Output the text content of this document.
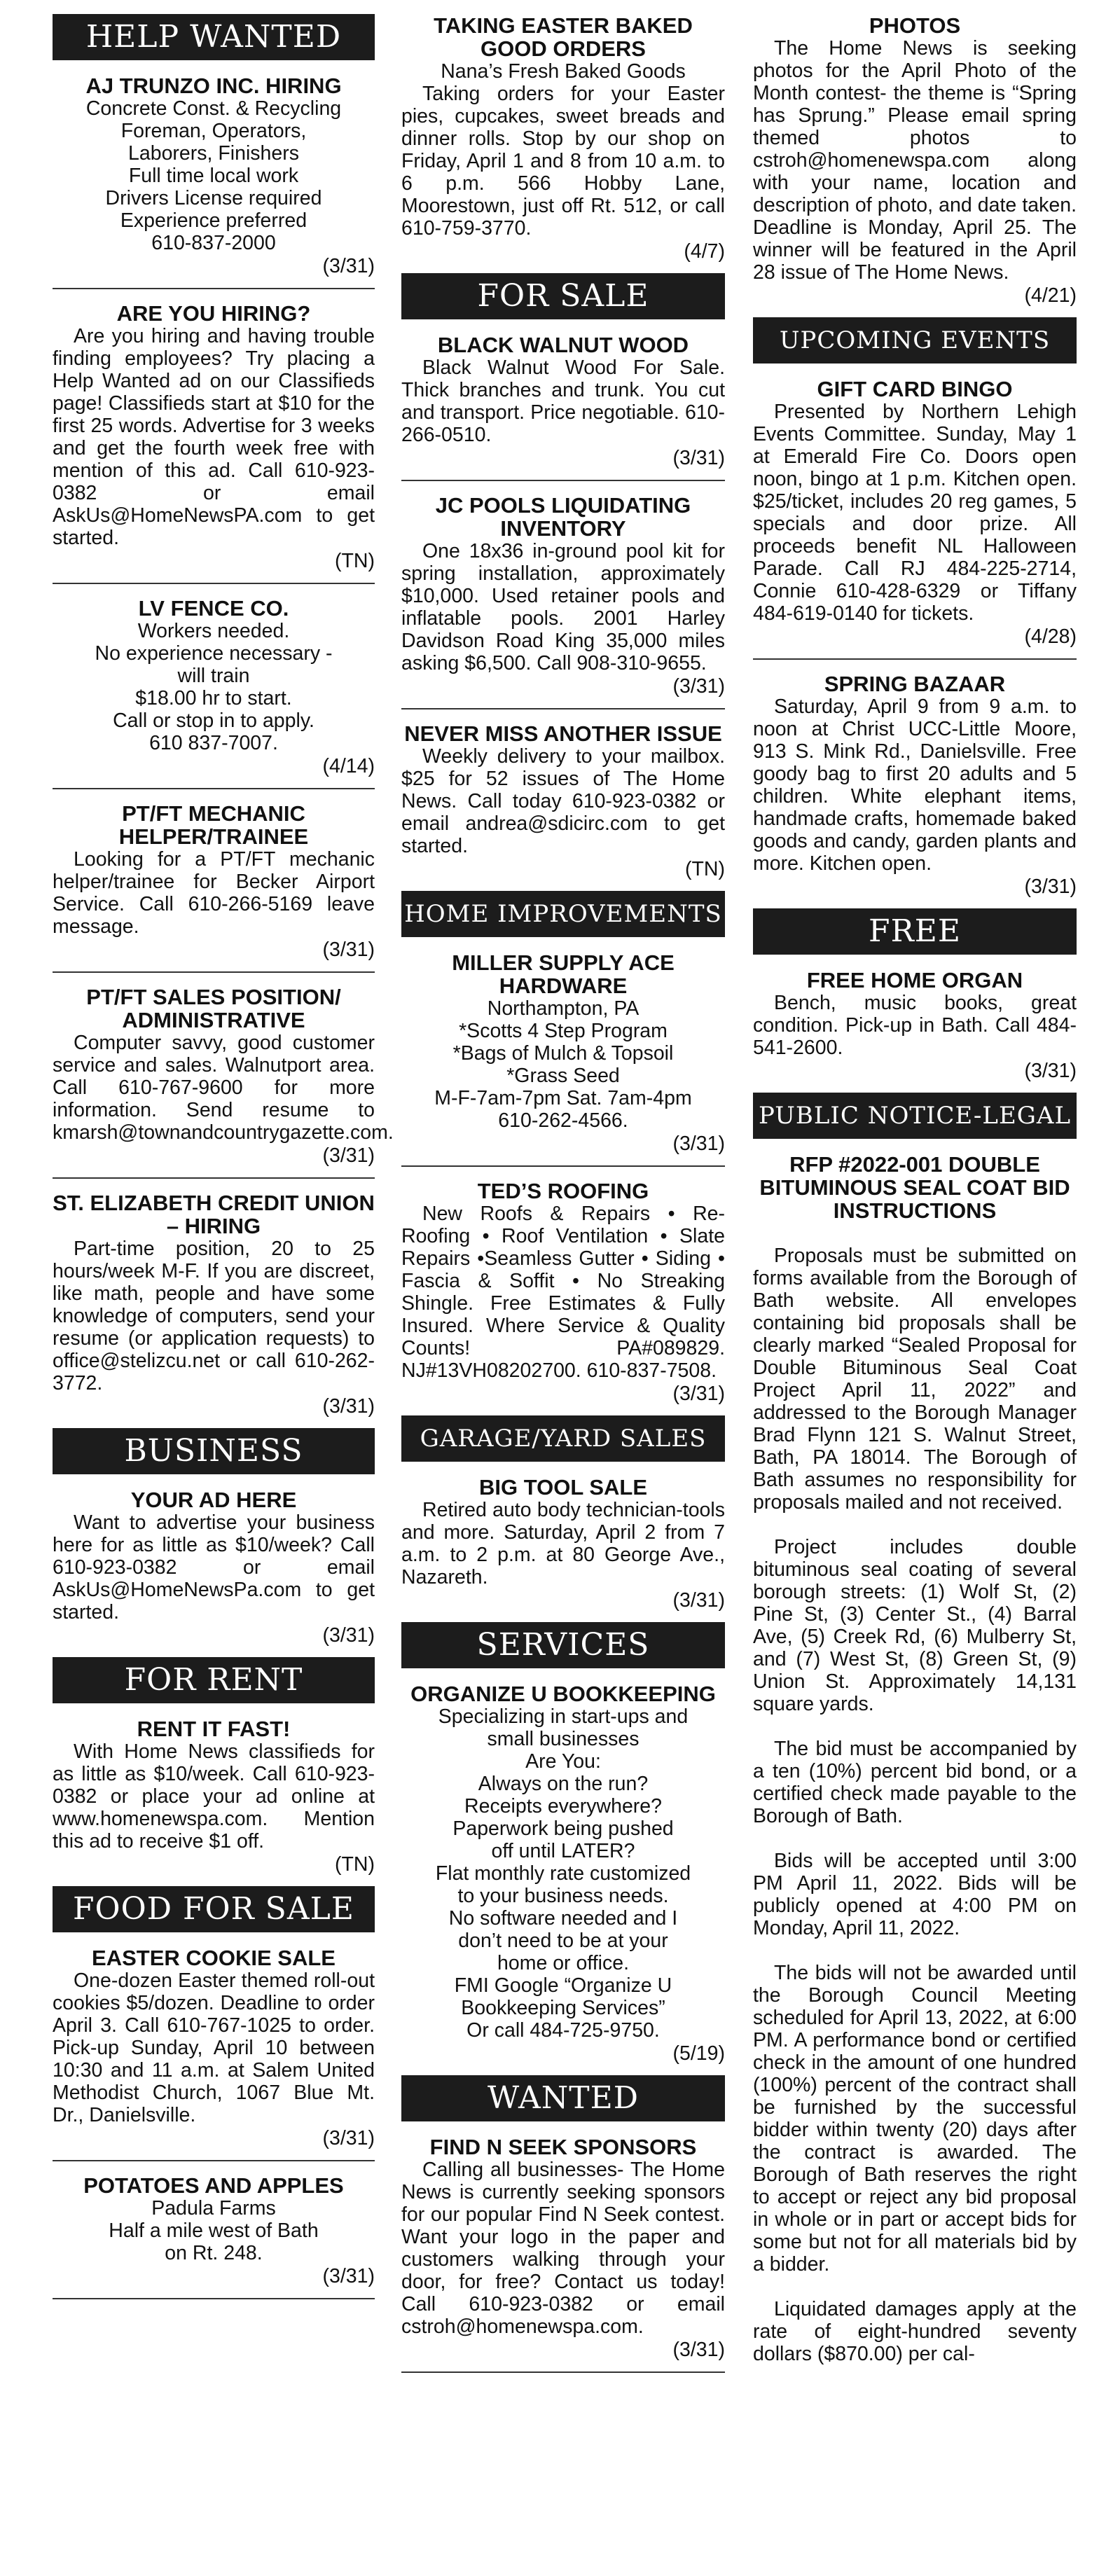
HELP WANTED
AJ TRUNZO INC. HIRING

Concrete Const. & Recycling

Foreman, Operators,

Laborers, Finishers

Full time local work

Drivers License required

Experience preferred

610-837-2000

(3/31)
ARE YOU HIRING?

Are you hiring and having trouble finding employees? Try placing a Help Wanted ad on our Classifieds page! Classifieds start at $10 for the first 25 words. Advertise for 3 weeks and get the fourth week free with mention of this ad. Call 610-923-0382 or email AskUs@HomeNewsPA.com to get started.

(TN)
LV FENCE CO.

Workers needed.

No experience necessary -

will train

$18.00 hr to start.

Call or stop in to apply.

610 837-7007.

(4/14)
PT/FT MECHANIC HELPER/TRAINEE

Looking for a PT/FT mechanic helper/trainee for Becker Airport Service. Call 610-266-5169 leave message.

(3/31)
PT/FT SALES POSITION/ ADMINISTRATIVE

Computer savvy, good customer service and sales. Walnutport area. Call 610-767-9600 for more information. Send resume to kmarsh@townandcountrygazette.com.

(3/31)
ST. ELIZABETH CREDIT UNION – HIRING

Part-time position, 20 to 25 hours/week M-F. If you are discreet, like math, people and have some knowledge of computers, send your resume (or application requests) to office@stelizcu.net or call 610-262-3772.

(3/31)
BUSINESS
YOUR AD HERE

Want to advertise your business here for as little as $10/week? Call 610-923-0382 or email AskUs@HomeNewsPa.com to get started.

(3/31)
FOR RENT
RENT IT FAST!

With Home News classifieds for as little as $10/week. Call 610-923-0382 or place your ad online at www.homenewspa.com. Mention this ad to receive $1 off.

(TN)
FOOD FOR SALE
EASTER COOKIE SALE

One-dozen Easter themed roll-out cookies $5/dozen. Deadline to order April 3. Call 610-767-1025 to order. Pick-up Sunday, April 10 between 10:30 and 11 a.m. at Salem United Methodist Church, 1067 Blue Mt. Dr., Danielsville.

(3/31)
POTATOES AND APPLES

Padula Farms

Half a mile west of Bath

on Rt. 248.

(3/31)
TAKING EASTER BAKED GOOD ORDERS

Nana’s Fresh Baked Goods

Taking orders for your Easter pies, cupcakes, sweet breads and dinner rolls. Stop by our shop on Friday, April 1 and 8 from 10 a.m. to 6 p.m. 566 Hobby Lane, Moorestown, just off Rt. 512, or call 610-759-3770.

(4/7)
FOR SALE
BLACK WALNUT WOOD

Black Walnut Wood For Sale. Thick branches and trunk. You cut and transport. Price negotiable. 610-266-0510.

(3/31)
JC POOLS LIQUIDATING INVENTORY

One 18x36 in-ground pool kit for spring installation, approximately $10,000. Used retainer pools and inflatable pools. 2001 Harley Davidson Road King 35,000 miles asking $6,500. Call 908-310-9655.

(3/31)
NEVER MISS ANOTHER ISSUE

Weekly delivery to your mailbox. $25 for 52 issues of The Home News. Call today 610-923-0382 or email andrea@sdicirc.com to get started.

(TN)
HOME IMPROVEMENTS
MILLER SUPPLY ACE HARDWARE

Northampton, PA

*Scotts 4 Step Program

*Bags of Mulch & Topsoil

*Grass Seed

M-F-7am-7pm Sat. 7am-4pm

610-262-4566.

(3/31)
TED’S ROOFING

New Roofs & Repairs • Re-Roofing • Roof Ventilation • Slate Repairs •Seamless Gutter • Siding • Fascia & Soffit • No Streaking Shingle. Free Estimates & Fully Insured. Where Service & Quality Counts! PA#089829. NJ#13VH08202700. 610-837-7508.

(3/31)
GARAGE/YARD SALES
BIG TOOL SALE

Retired auto body technician-tools and more. Saturday, April 2 from 7 a.m. to 2 p.m. at 80 George Ave., Nazareth.

(3/31)
SERVICES
ORGANIZE U BOOKKEEPING

Specializing in start-ups and

small businesses

Are You:

Always on the run?

Receipts everywhere?

Paperwork being pushed

off until LATER?

Flat monthly rate customized

to your business needs.

No software needed and I

don’t need to be at your

home or office.

FMI Google “Organize U

Bookkeeping Services”

Or call 484-725-9750.

(5/19)
WANTED
FIND N SEEK SPONSORS

Calling all businesses- The Home News is currently seeking sponsors for our popular Find N Seek contest. Want your logo in the paper and customers walking through your door, for free? Contact us today! Call 610-923-0382 or email cstroh@homenewspa.com.

(3/31)
PHOTOS

The Home News is seeking photos for the April Photo of the Month contest- the theme is “Spring has Sprung.” Please email spring themed photos to cstroh@homenewspa.com along with your name, location and description of photo, and date taken. Deadline is Monday, April 25. The winner will be featured in the April 28 issue of The Home News.

(4/21)
UPCOMING EVENTS
GIFT CARD BINGO

Presented by Northern Lehigh Events Committee. Sunday, May 1 at Emerald Fire Co. Doors open noon, bingo at 1 p.m. Kitchen open. $25/ticket, includes 20 reg games, 5 specials and door prize. All proceeds benefit NL Halloween Parade. Call RJ 484-225-2714, Connie 610-428-6329 or Tiffany 484-619-0140 for tickets.

(4/28)
SPRING BAZAAR

Saturday, April 9 from 9 a.m. to noon at Christ UCC-Little Moore, 913 S. Mink Rd., Danielsville. Free goody bag to first 20 adults and 5 children. White elephant items, handmade crafts, homemade baked goods and candy, garden plants and more. Kitchen open.

(3/31)
FREE
FREE HOME ORGAN

Bench, music books, great condition. Pick-up in Bath. Call 484-541-2600.

(3/31)
PUBLIC NOTICE-LEGAL
RFP #2022-001 DOUBLE BITUMINOUS SEAL COAT BID INSTRUCTIONS

Proposals must be submitted on forms available from the Borough of Bath website. All envelopes containing bid proposals shall be clearly marked “Sealed Proposal for Double Bituminous Seal Coat Project April 11, 2022” and addressed to the Borough Manager Brad Flynn 121 S. Walnut Street, Bath, PA 18014. The Borough of Bath assumes no responsibility for proposals mailed and not received.

Project includes double bituminous seal coating of several borough streets: (1) Wolf St, (2) Pine St, (3) Center St., (4) Barral Ave, (5) Creek Rd, (6) Mulberry St, and (7) West St, (8) Green St, (9) Union St. Approximately 14,131 square yards.

The bid must be accompanied by a ten (10%) percent bid bond, or a certified check made payable to the Borough of Bath.

Bids will be accepted until 3:00 PM April 11, 2022. Bids will be publicly opened at 4:00 PM on Monday, April 11, 2022.

The bids will not be awarded until the Borough Council Meeting scheduled for April 13, 2022, at 6:00 PM. A performance bond or certified check in the amount of one hundred (100%) percent of the contract shall be furnished by the successful bidder within twenty (20) days after the contract is awarded. The Borough of Bath reserves the right to accept or reject any bid proposal in whole or in part or accept bids for some but not for all materials bid by a bidder.

Liquidated damages apply at the rate of eight-hundred seventy dollars ($870.00) per cal-
